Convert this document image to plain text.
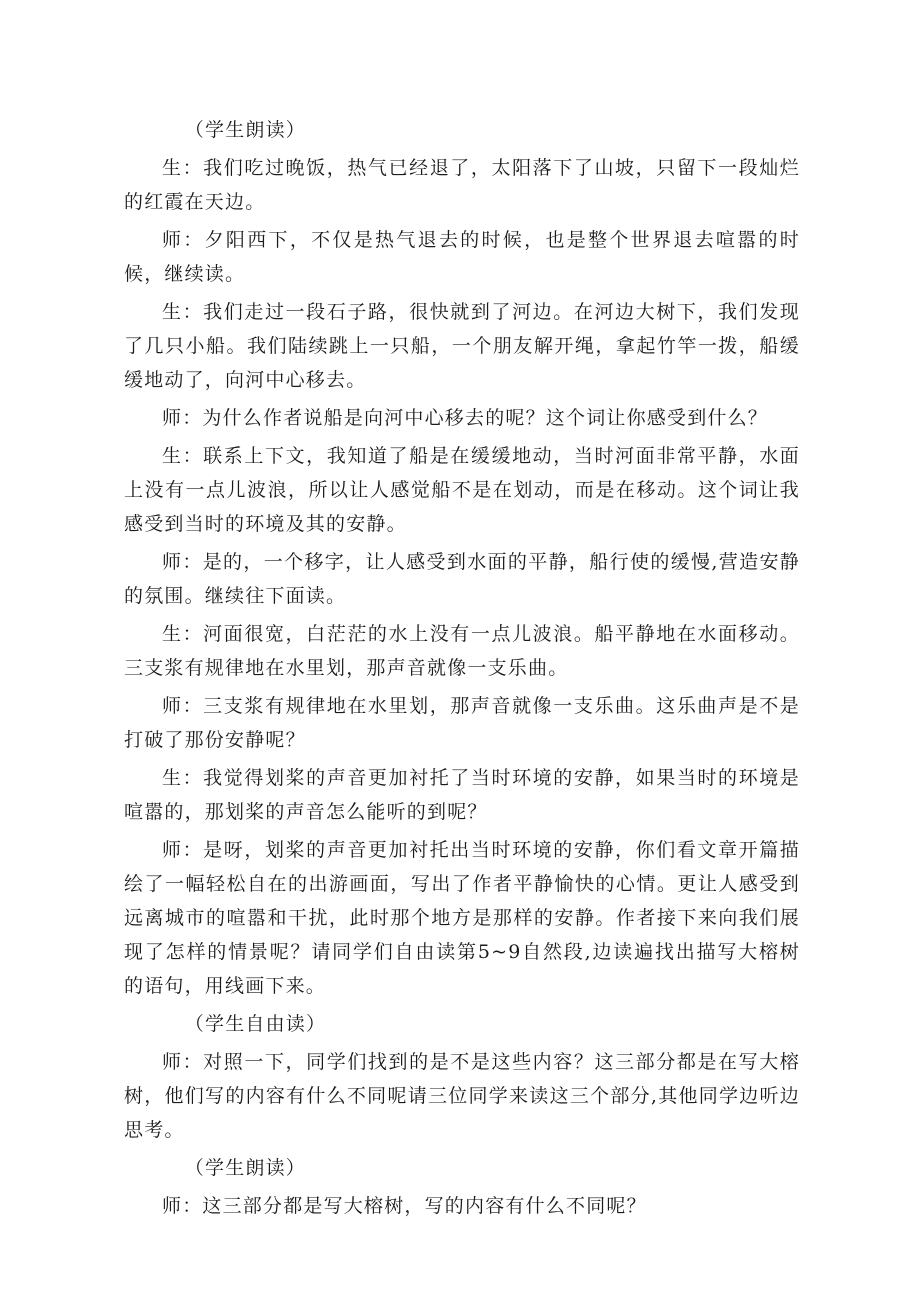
（学生朗读）

生：我们吃过晚饭，热气已经退了，太阳落下了山坡，只留下一段灿烂的红霞在天边。

师：夕阳西下，不仅是热气退去的时候，也是整个世界退去喧嚣的时候，继续读。

生：我们走过一段石子路，很快就到了河边。在河边大树下，我们发现了几只小船。我们陆续跳上一只船，一个朋友解开绳，拿起竹竿一拨，船缓缓地动了，向河中心移去。

师：为什么作者说船是向河中心移去的呢？这个词让你感受到什么？

生：联系上下文，我知道了船是在缓缓地动，当时河面非常平静，水面上没有一点儿波浪，所以让人感觉船不是在划动，而是在移动。这个词让我感受到当时的环境及其的安静。

师：是的，一个移字，让人感受到水面的平静，船行使的缓慢,营造安静的氛围。继续往下面读。

生：河面很宽，白茫茫的水上没有一点儿波浪。船平静地在水面移动。三支浆有规律地在水里划，那声音就像一支乐曲。

师：三支浆有规律地在水里划，那声音就像一支乐曲。这乐曲声是不是打破了那份安静呢？

生：我觉得划桨的声音更加衬托了当时环境的安静，如果当时的环境是喧嚣的，那划桨的声音怎么能听的到呢？

师：是呀，划桨的声音更加衬托出当时环境的安静，你们看文章开篇描绘了一幅轻松自在的出游画面，写出了作者平静愉快的心情。更让人感受到远离城市的喧嚣和干扰，此时那个地方是那样的安静。作者接下来向我们展现了怎样的情景呢？请同学们自由读第5~9自然段,边读遍找出描写大榕树的语句，用线画下来。

（学生自由读）

师：对照一下，同学们找到的是不是这些内容？这三部分都是在写大榕树，他们写的内容有什么不同呢请三位同学来读这三个部分,其他同学边听边思考。

（学生朗读）

师：这三部分都是写大榕树，写的内容有什么不同呢？
